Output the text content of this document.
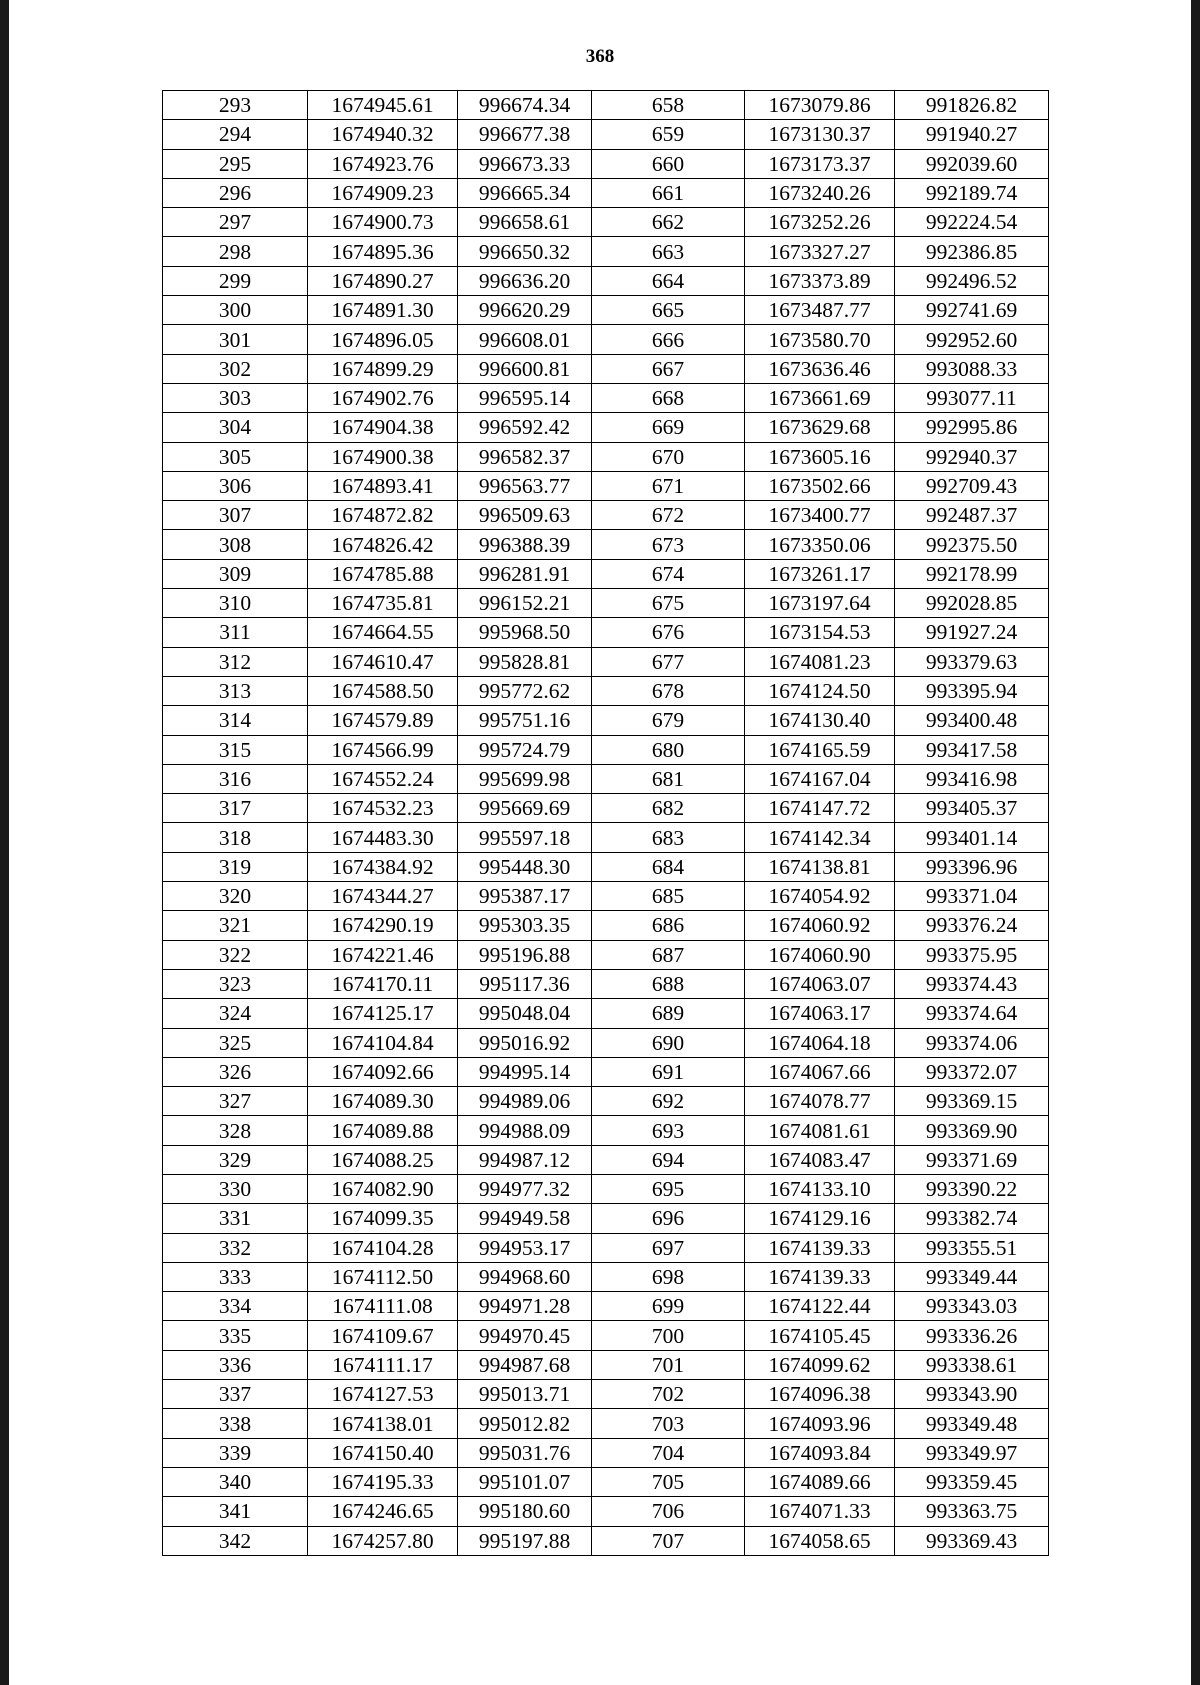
368
293	1674945.61	996674.34	658	1673079.86	991826.82
294	1674940.32	996677.38	659	1673130.37	991940.27
295	1674923.76	996673.33	660	1673173.37	992039.60
296	1674909.23	996665.34	661	1673240.26	992189.74
297	1674900.73	996658.61	662	1673252.26	992224.54
298	1674895.36	996650.32	663	1673327.27	992386.85
299	1674890.27	996636.20	664	1673373.89	992496.52
300	1674891.30	996620.29	665	1673487.77	992741.69
301	1674896.05	996608.01	666	1673580.70	992952.60
302	1674899.29	996600.81	667	1673636.46	993088.33
303	1674902.76	996595.14	668	1673661.69	993077.11
304	1674904.38	996592.42	669	1673629.68	992995.86
305	1674900.38	996582.37	670	1673605.16	992940.37
306	1674893.41	996563.77	671	1673502.66	992709.43
307	1674872.82	996509.63	672	1673400.77	992487.37
308	1674826.42	996388.39	673	1673350.06	992375.50
309	1674785.88	996281.91	674	1673261.17	992178.99
310	1674735.81	996152.21	675	1673197.64	992028.85
311	1674664.55	995968.50	676	1673154.53	991927.24
312	1674610.47	995828.81	677	1674081.23	993379.63
313	1674588.50	995772.62	678	1674124.50	993395.94
314	1674579.89	995751.16	679	1674130.40	993400.48
315	1674566.99	995724.79	680	1674165.59	993417.58
316	1674552.24	995699.98	681	1674167.04	993416.98
317	1674532.23	995669.69	682	1674147.72	993405.37
318	1674483.30	995597.18	683	1674142.34	993401.14
319	1674384.92	995448.30	684	1674138.81	993396.96
320	1674344.27	995387.17	685	1674054.92	993371.04
321	1674290.19	995303.35	686	1674060.92	993376.24
322	1674221.46	995196.88	687	1674060.90	993375.95
323	1674170.11	995117.36	688	1674063.07	993374.43
324	1674125.17	995048.04	689	1674063.17	993374.64
325	1674104.84	995016.92	690	1674064.18	993374.06
326	1674092.66	994995.14	691	1674067.66	993372.07
327	1674089.30	994989.06	692	1674078.77	993369.15
328	1674089.88	994988.09	693	1674081.61	993369.90
329	1674088.25	994987.12	694	1674083.47	993371.69
330	1674082.90	994977.32	695	1674133.10	993390.22
331	1674099.35	994949.58	696	1674129.16	993382.74
332	1674104.28	994953.17	697	1674139.33	993355.51
333	1674112.50	994968.60	698	1674139.33	993349.44
334	1674111.08	994971.28	699	1674122.44	993343.03
335	1674109.67	994970.45	700	1674105.45	993336.26
336	1674111.17	994987.68	701	1674099.62	993338.61
337	1674127.53	995013.71	702	1674096.38	993343.90
338	1674138.01	995012.82	703	1674093.96	993349.48
339	1674150.40	995031.76	704	1674093.84	993349.97
340	1674195.33	995101.07	705	1674089.66	993359.45
341	1674246.65	995180.60	706	1674071.33	993363.75
342	1674257.80	995197.88	707	1674058.65	993369.43
